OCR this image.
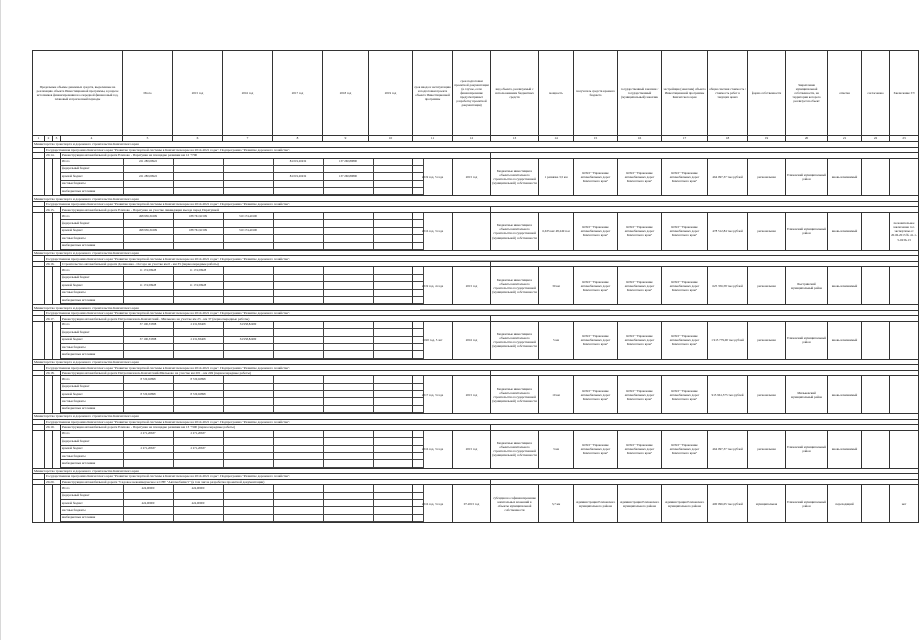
Предельные объемы денежных средств, выделенные на реализацию объекта Инвестиционной программы, в разрезе источников финансирования на очередной финансовый год, плановый и прогнозный периоды	Итого	2015 год	2016 год	2017 год	2018 год	2019 год	срок ввода в эксплуатацию и подготовки проекта объекта Инвестиционной программы	срок подготовки проектной документации (в случае, если финансирование предусматривает разработку проектной документации)	вид объекта, реализуемый с использованием бюджетных средств	мощность	получатель средств краевого бюджета	государственный заказчик / государственный (муниципальный) заказчик	застройщик (заказчик) объекта Инвестиционной программы Камчатского края	общая сметная стоимость / стоимость работ в текущих ценах	форма собственности	Закрепление муниципальной собственности, на территории которого реализуется объект	отметка	согласовано	Заключение ГЭ
1	2	3	4	5	6	7	8	9	10	11	12	13	14	15	16	17	18	19	20	21	22	23
Министерство транспорта и дорожного строительства Камчатского края
	Государственная программа Камчатского края "Развитие транспортной системы в Камчатском крае на 2014-2021 годы". Подпрограмма "Развитие дорожного хозяйства".
	20.14.	Реконструкция автомобильной дороги Елизово - Паратунка на площадке развязки км 12 +700	

Итого	221 280,09922			84 019,20432	137 260,89890	
федеральный бюджет						
краевой бюджет	221 280,09922			84 019,20432	137 260,89890	
местные бюджеты						
внебюджетные источники						
	2019 год, 5 года	2015 год	Бюджетные инвестиции в объекты капитального строительства государственной (муниципальной) собственности	1 развязка 3,5 км	КГКУ "Управление автомобильных дорог Камчатского края"	КГКУ "Управление автомобильных дорог Камчатского края"	КГКУ "Управление автомобильных дорог Камчатского края"	464 097,37 тыс.рублей	региональная	Елизовский муниципальный район	вновь начинаемый		
Министерство транспорта и дорожного строительства Камчатского края
	Государственная программа Камчатского края "Развитие транспортной системы в Камчатском крае на 2014-2021 годы". Подпрограмма "Развитие дорожного хозяйства".
	20.15.	Реконструкция автомобильной дороги Елизово - Паратунка на участке ликвидации въезда перед Паратункой	

Итого	498 936,31609	188 761,91509	310 174,40100			
федеральный бюджет						
краевой бюджет	498 936,31609	188 761,91509	310 174,40100			
местные бюджеты						
внебюджетные источники						
	2016 год, 3 года		Бюджетные инвестиции в объекты капитального строительства государственной (муниципальной) собственности	6,635 км/ 48,249 п.м	КГКУ "Управление автомобильных дорог Камчатского края"	КГКУ "Управление автомобильных дорог Камчатского края"	КГКУ "Управление автомобильных дорог Камчатского края"	478 512,84 тыс.рублей	региональная	Елизовский муниципальный район	вновь начинаемый		положительное заключение гос. экспертизы от 20.06.2013 № 41-1-5-0236-13
Министерство транспорта и дорожного строительства Камчатского края
	Государственная программа Камчатского края "Развитие транспортной системы в Камчатском крае на 2014-2021 годы". Подпрограмма "Развитие дорожного хозяйства".
	20.16.	Строительство автомобильной дороги Долиновка - Оссора на участке км 0 - км 35 (первоочередные работы)	

Итого	11 174,59928	11 174,59928				
федеральный бюджет						
краевой бюджет	11 174,59928	11 174,59928				
местные бюджеты						
внебюджетные источники						
	2019 год, 4 года	2015 год	Бюджетные инвестиции в объекты капитального строительства государственной (муниципальной) собственности	30 км	КГКУ "Управление автомобильных дорог Камчатского края"	КГКУ "Управление автомобильных дорог Камчатского края"	КГКУ "Управление автомобильных дорог Камчатского края"	625 356,58 тыс.рублей	региональная	Быстринский муниципальный район	вновь начинаемый		
Министерство транспорта и дорожного строительства Камчатского края
	Государственная программа Камчатского края "Развитие транспортной системы в Камчатском крае на 2014-2021 годы". Подпрограмма "Развитие дорожного хозяйства".
	20.17.	Реконструкция автомобильной дороги Петропавловск-Камчатский - Мильково на участке км 23 - км 37 (первоочередные работы)	

Итого	37 190,53388	2 231,83408	34 958,82480			
федеральный бюджет						
краевой бюджет	37 190,53388	2 231,83408	34 958,82480			
местные бюджеты						
внебюджетные источники						
	2020 год, 5 лет	2016 год	Бюджетные инвестиции в объекты капитального строительства государственной (муниципальной) собственности	5 км	КГКУ "Управление автомобильных дорог Камчатского края"	КГКУ "Управление автомобильных дорог Камчатского края"	КГКУ "Управление автомобильных дорог Камчатского края"	1 915 779,00 тыс.рублей	региональная	Елизовский муниципальный район	вновь начинаемый		
Министерство транспорта и дорожного строительства Камчатского края
	Государственная программа Камчатского края "Развитие транспортной системы в Камчатском крае на 2014-2021 годы". Подпрограмма "Развитие дорожного хозяйства".
	20.18.	Реконструкция автомобильной дороги Петропавловск-Камчатский-Мильково на участке км 201 - км 249 (первоочередные работы)	

Итого	8 720,92898	8 720,92898				
федеральный бюджет						
краевой бюджет	8 720,92898	8 720,92898				
местные бюджеты						
внебюджетные источники						
	2017 год, 3 года	2015 год	Бюджетные инвестиции в объекты капитального строительства государственной (муниципальной) собственности	10 км	КГКУ "Управление автомобильных дорог Камчатского края"	КГКУ "Управление автомобильных дорог Камчатского края"	КГКУ "Управление автомобильных дорог Камчатского края"	915 961,575 тыс.рублей	региональная	Мильковский муниципальный район	вновь начинаемый		
Министерство транспорта и дорожного строительства Камчатского края
	Государственная программа Камчатского края "Развитие транспортной системы в Камчатском крае на 2014-2021 годы". Подпрограмма "Развитие дорожного хозяйства".
	20.19.	Реконструкция автомобильной дороги Елизово - Паратунка на площадке развязки км 13 +300 (первоочередные работы)	

Итого	2 271,20637	2 271,20637				
федеральный бюджет						
краевой бюджет	2 271,20637	2 271,20637				
местные бюджеты						
внебюджетные источники						
	2016 год, 3 года	2015 год	Бюджетные инвестиции в объекты капитального строительства государственной (муниципальной) собственности	3 км	КГКУ "Управление автомобильных дорог Камчатского края"	КГКУ "Управление автомобильных дорог Камчатского края"	КГКУ "Управление автомобильных дорог Камчатского края"	464 097,37 тыс.рублей	региональная	Елизовский муниципальный район	вновь начинаемый		
Министерство транспорта и дорожного строительства Камчатского края
	Государственная программа Камчатского края "Развитие транспортной системы в Камчатском крае на 2014-2021 годы". Подпрограмма "Развитие дорожного хозяйства".
	20.20.	Реконструкция автомобильной дороги "Садовое некоммерческое и СНТ "Автомобилист" (в том числе разработка проектной документации)	

Итого	424,00000	424,00000				
федеральный бюджет						
краевой бюджет	424,00000	424,00000				
местные бюджеты						
внебюджетные источники						
	2016 год, 3 года	07.2015 год	субсидия на софинансирование капитальных вложений в объекты муниципальной собственности	3,7 км	Администрация Елизовского муниципального района	Администрация Елизовского муниципального района	Администрация Елизовского муниципального района	400 096,05 тыс.рублей	муниципальная	Елизовский муниципальный район	переходящий		нет
